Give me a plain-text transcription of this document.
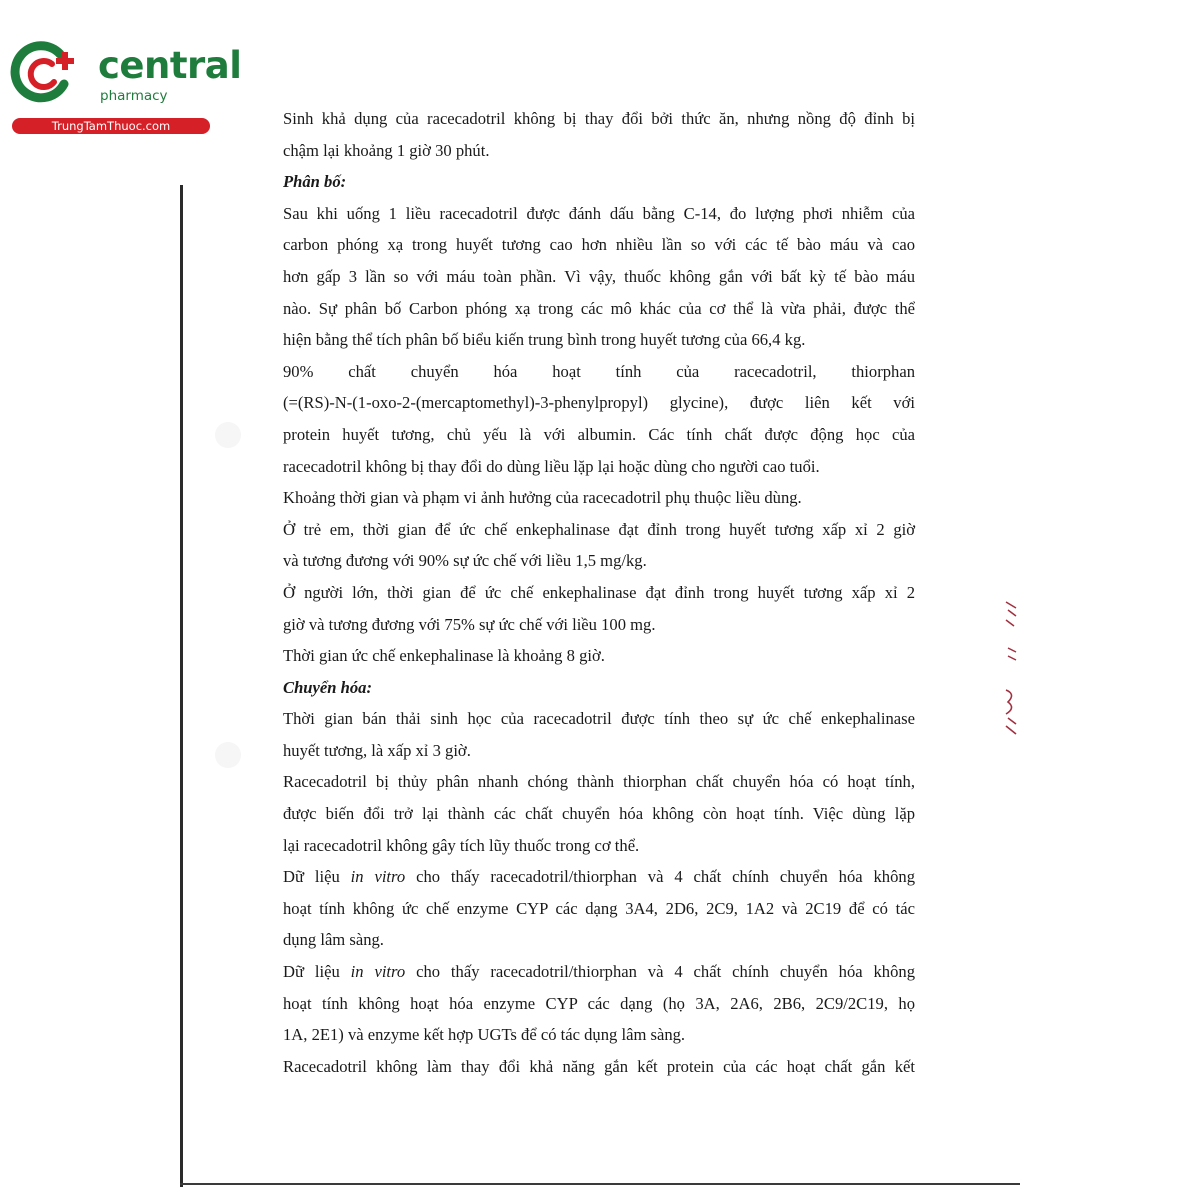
central
pharmacy
TrungTamThuoc.com	Sinh khả dụng của racecadotril không bị thay đổi bởi thức ăn, nhưng nồng độ đỉnh bị
chậm lại khoảng 1 giờ 30 phút.
Phân bố:
Sau khi uống 1 liều racecadotril được đánh dấu bằng C-14, đo lượng phơi nhiễm của
carbon phóng xạ trong huyết tương cao hơn nhiều lần so với các tế bào máu và cao
hơn gấp 3 lần so với máu toàn phần. Vì vậy, thuốc không gắn với bất kỳ tế bào máu
nào. Sự phân bố Carbon phóng xạ trong các mô khác của cơ thể là vừa phải, được thể
hiện bằng thể tích phân bố biểu kiến trung bình trong huyết tương của 66,4 kg.
90% chất chuyển hóa hoạt tính của racecadotril, thiorphan
(=(RS)-N-(1-oxo-2-(mercaptomethyl)-3-phenylpropyl) glycine), được liên kết với
protein huyết tương, chủ yếu là với albumin. Các tính chất được động học của
racecadotril không bị thay đổi do dùng liều lặp lại hoặc dùng cho người cao tuổi.
Khoảng thời gian và phạm vi ảnh hưởng của racecadotril phụ thuộc liều dùng.
Ở trẻ em, thời gian để ức chế enkephalinase đạt đỉnh trong huyết tương xấp xỉ 2 giờ
và tương đương với 90% sự ức chế với liều 1,5 mg/kg.
Ở người lớn, thời gian để ức chế enkephalinase đạt đỉnh trong huyết tương xấp xỉ 2
giờ và tương đương với 75% sự ức chế với liều 100 mg.
Thời gian ức chế enkephalinase là khoảng 8 giờ.
Chuyển hóa:
Thời gian bán thải sinh học của racecadotril được tính theo sự ức chế enkephalinase
huyết tương, là xấp xỉ 3 giờ.
Racecadotril bị thủy phân nhanh chóng thành thiorphan chất chuyển hóa có hoạt tính,
được biến đổi trở lại thành các chất chuyển hóa không còn hoạt tính. Việc dùng lặp
lại racecadotril không gây tích lũy thuốc trong cơ thể.
Dữ liệu in vitro cho thấy racecadotril/thiorphan và 4 chất chính chuyển hóa không
hoạt tính không ức chế enzyme CYP các dạng 3A4, 2D6, 2C9, 1A2 và 2C19 để có tác
dụng lâm sàng.
Dữ liệu in vitro cho thấy racecadotril/thiorphan và 4 chất chính chuyển hóa không
hoạt tính không hoạt hóa enzyme CYP các dạng (họ 3A, 2A6, 2B6, 2C9/2C19, họ
1A, 2E1) và enzyme kết hợp UGTs để có tác dụng lâm sàng.
Racecadotril không làm thay đổi khả năng gắn kết protein của các hoạt chất gắn kết
